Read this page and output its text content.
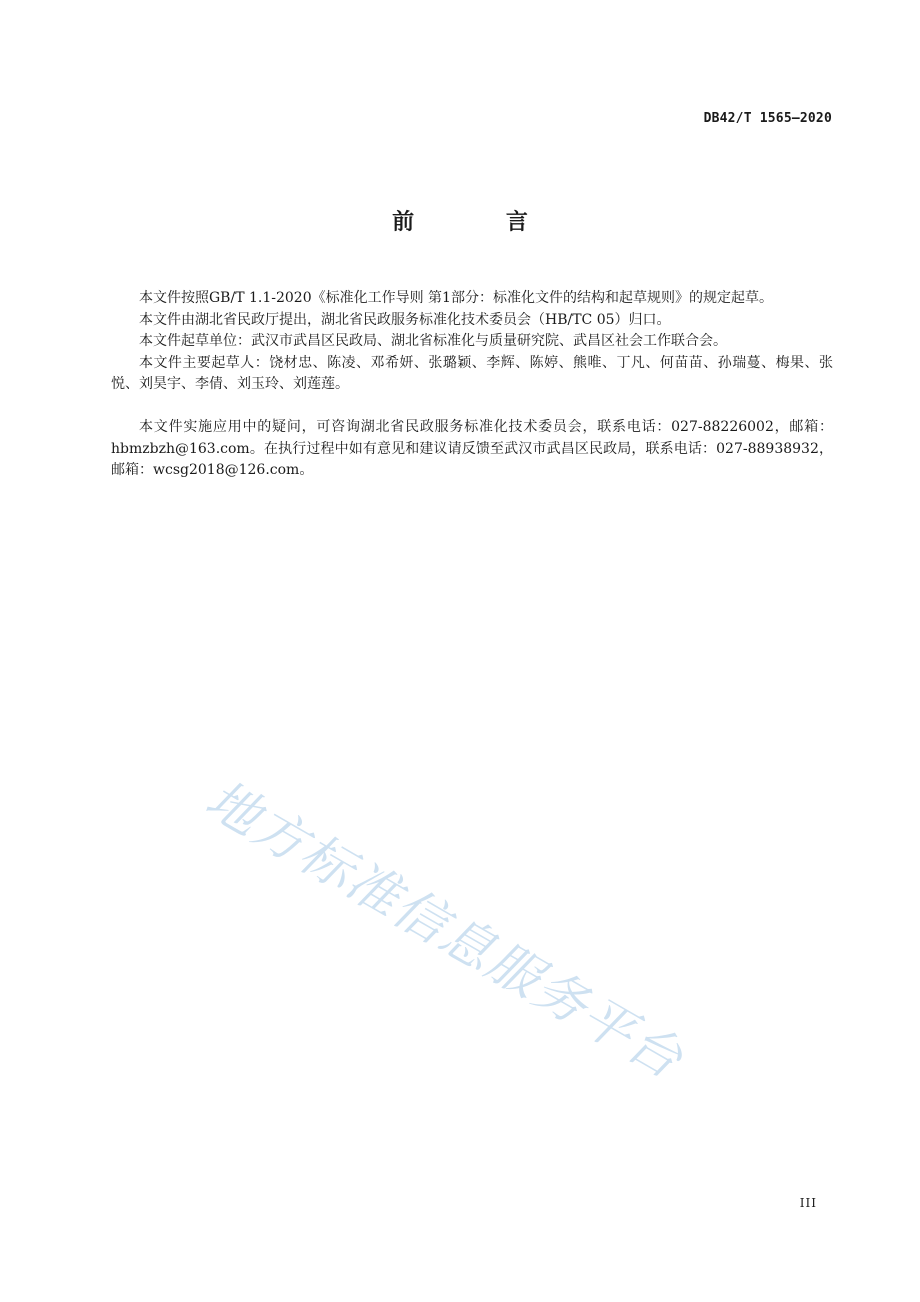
DB42/T 1565—2020
前 言

本文件按照GB/T 1.1-2020《标准化工作导则 第1部分：标准化文件的结构和起草规则》的规定起草。

本文件由湖北省民政厅提出，湖北省民政服务标准化技术委员会（HB/TC 05）归口。

本文件起草单位：武汉市武昌区民政局、湖北省标准化与质量研究院、武昌区社会工作联合会。

本文件主要起草人：饶材忠、陈凌、邓希妍、张璐颖、李辉、陈婷、熊唯、丁凡、何苗苗、孙瑞蔓、梅果、张悦、刘昊宇、李倩、刘玉玲、刘莲莲。

本文件实施应用中的疑问，可咨询湖北省民政服务标准化技术委员会，联系电话：027-88226002，邮箱：hbmzbzh@163.com。在执行过程中如有意见和建议请反馈至武汉市武昌区民政局，联系电话：027-88938932，邮箱：wcsg2018@126.com。

地方标准信息服务平台
III
